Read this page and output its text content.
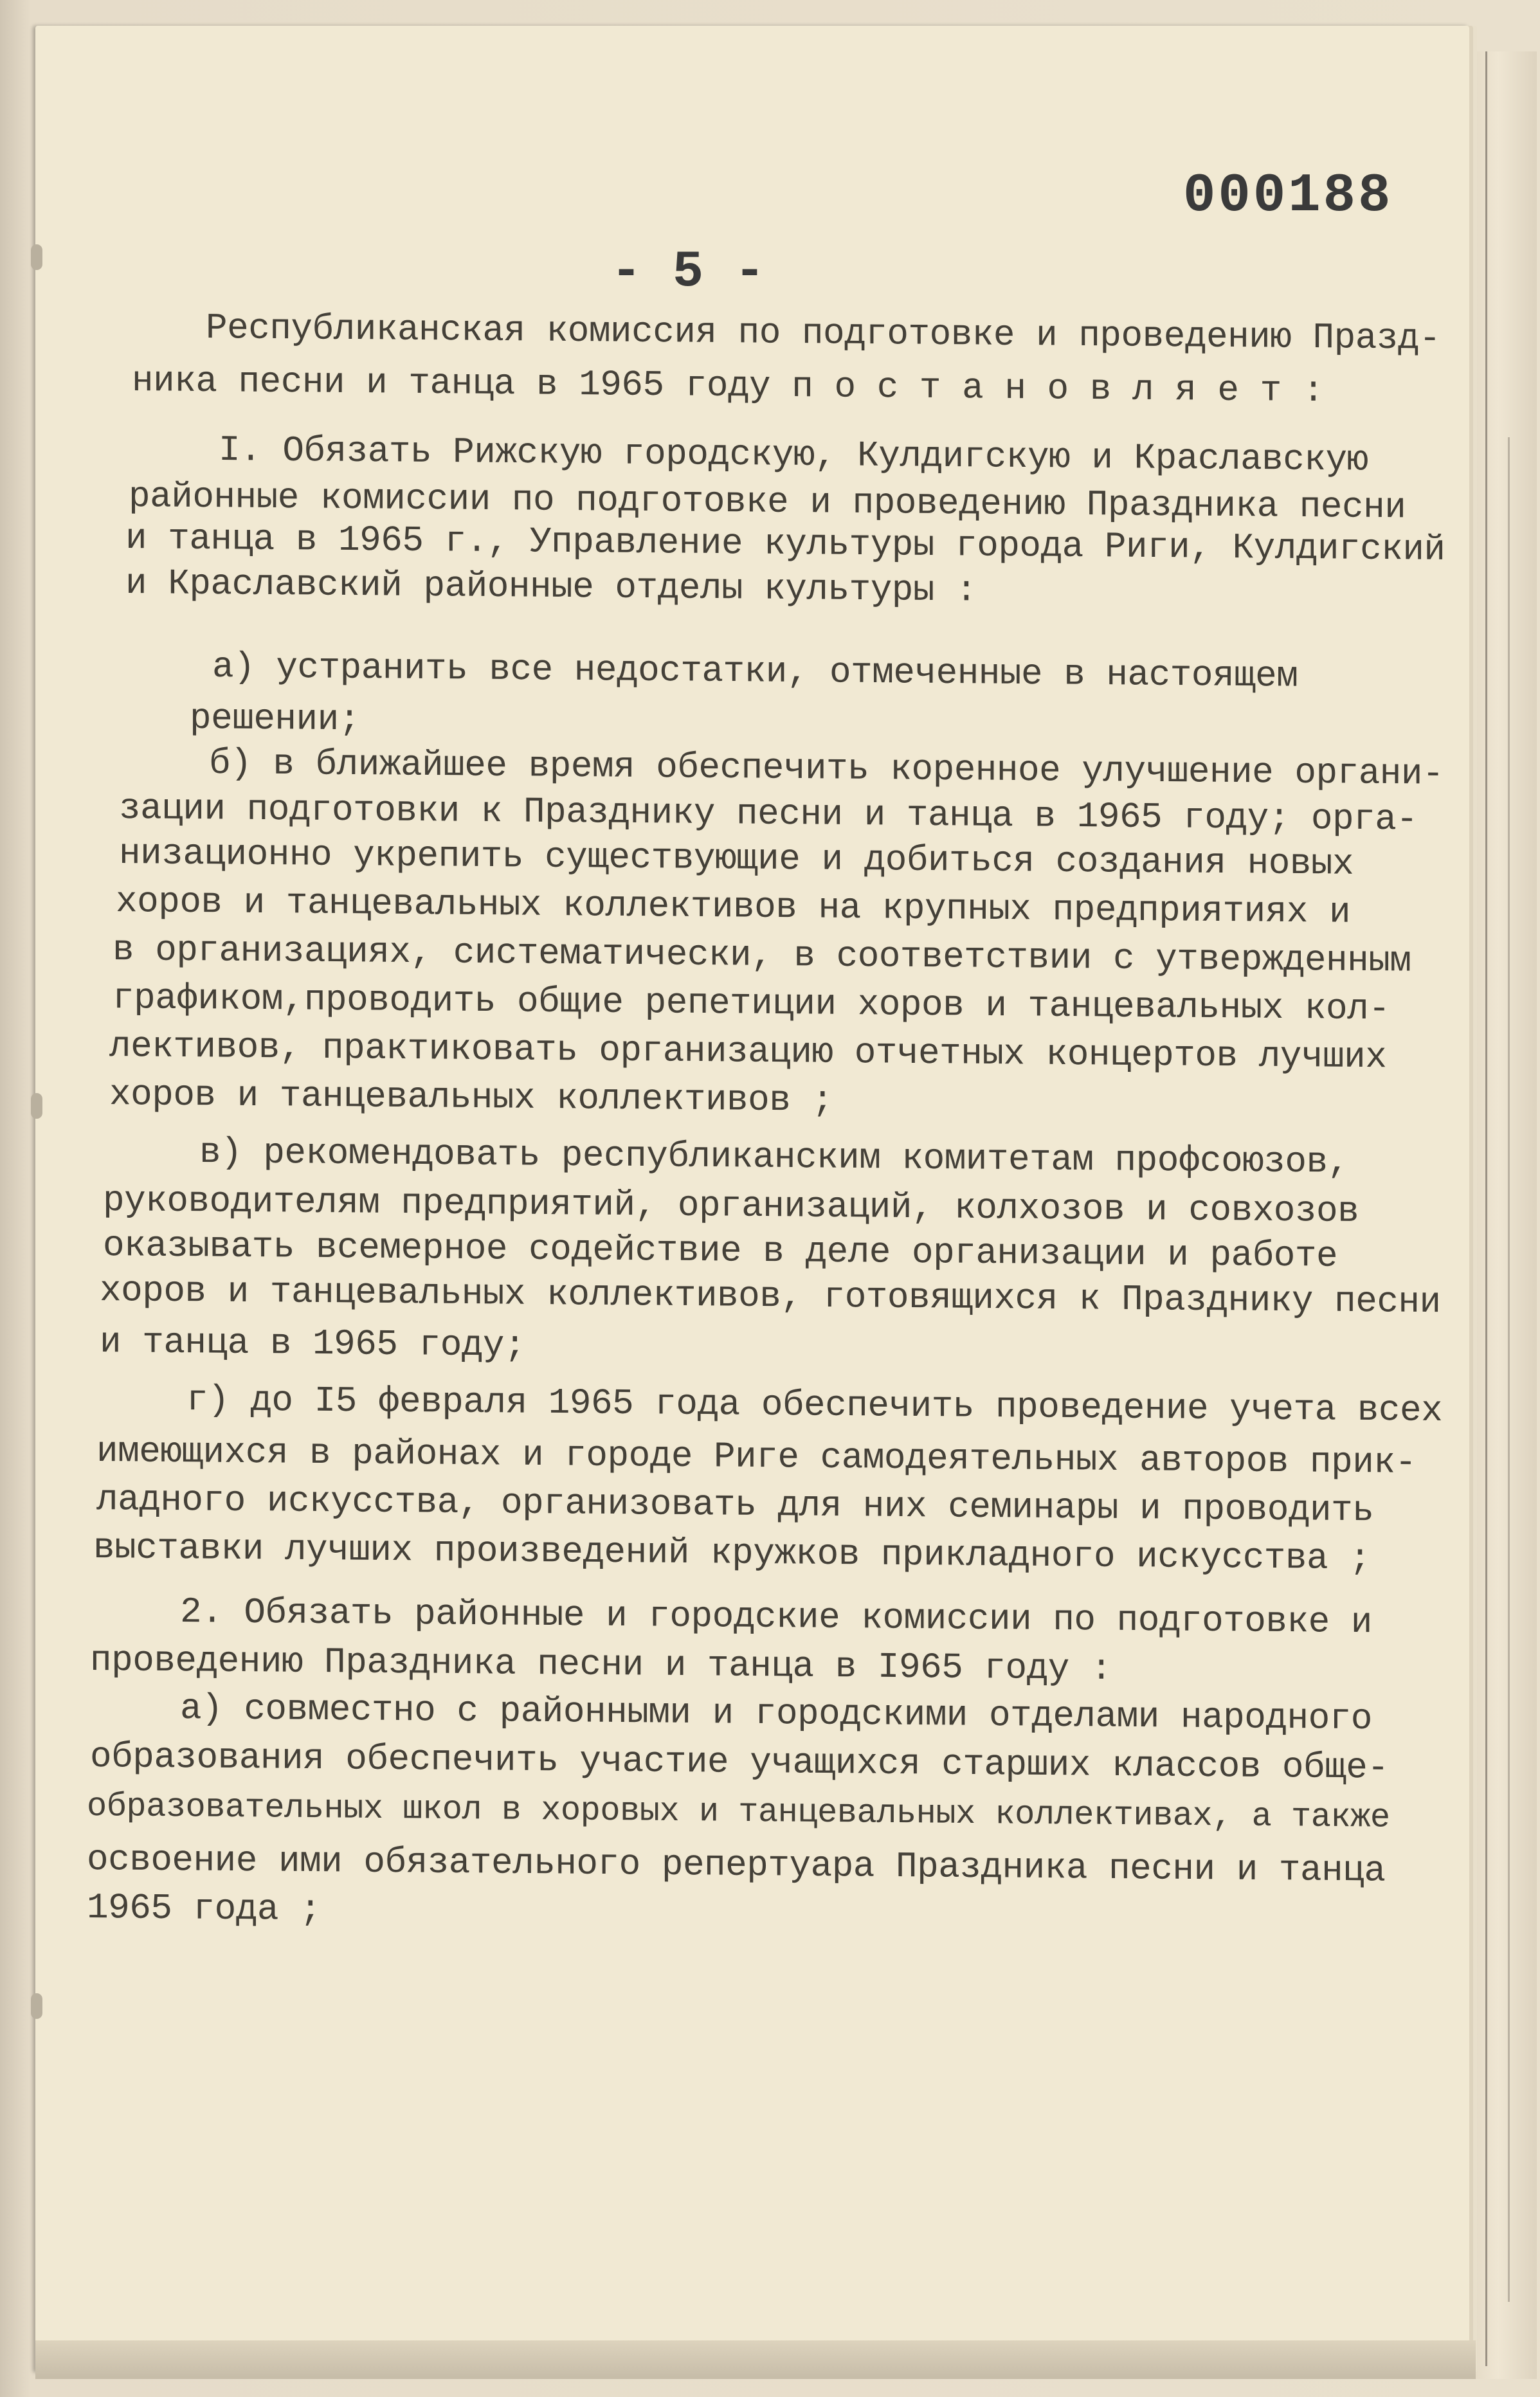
000188
- 5 -
Республиканская комиссия по подготовке и проведению Празд-
ника песни и танца в 1965 году п о с т а н о в л я е т :
I. Обязать Рижскую городскую, Кулдигскую и Краславскую
районные комиссии по подготовке и проведению Праздника песни
и танца в 1965 г., Управление культуры города Риги, Кулдигский
и Краславский районные отделы культуры :
а) устранить все недостатки, отмеченные в настоящем
решении;
б) в ближайшее время обеспечить коренное улучшение органи-
зации подготовки к Празднику песни и танца в 1965 году; орга-
низационно укрепить существующие и добиться создания новых
хоров и танцевальных коллективов на крупных предприятиях и
в организациях, систематически, в соответствии с утвержденным
графиком,проводить общие репетиции хоров и танцевальных кол-
лективов, практиковать организацию отчетных концертов лучших
хоров и танцевальных коллективов ;
в) рекомендовать республиканским комитетам профсоюзов,
руководителям предприятий, организаций, колхозов и совхозов
оказывать всемерное содействие в деле организации и работе
хоров и танцевальных коллективов, готовящихся к Празднику песни
и танца в 1965 году;
г) до I5 февраля 1965 года обеспечить проведение учета всех
имеющихся в районах и городе Риге самодеятельных авторов прик-
ладного искусства, организовать для них семинары и проводить
выставки лучших произведений кружков прикладного искусства ;
2. Обязать районные и городские комиссии по подготовке и
проведению Праздника песни и танца в I965 году :
а) совместно с районными и городскими отделами народного
образования обеспечить участие учащихся старших классов обще-
образовательных школ в хоровых и танцевальных коллективах, а также
освоение ими обязательного репертуара Праздника песни и танца
1965 года ;
